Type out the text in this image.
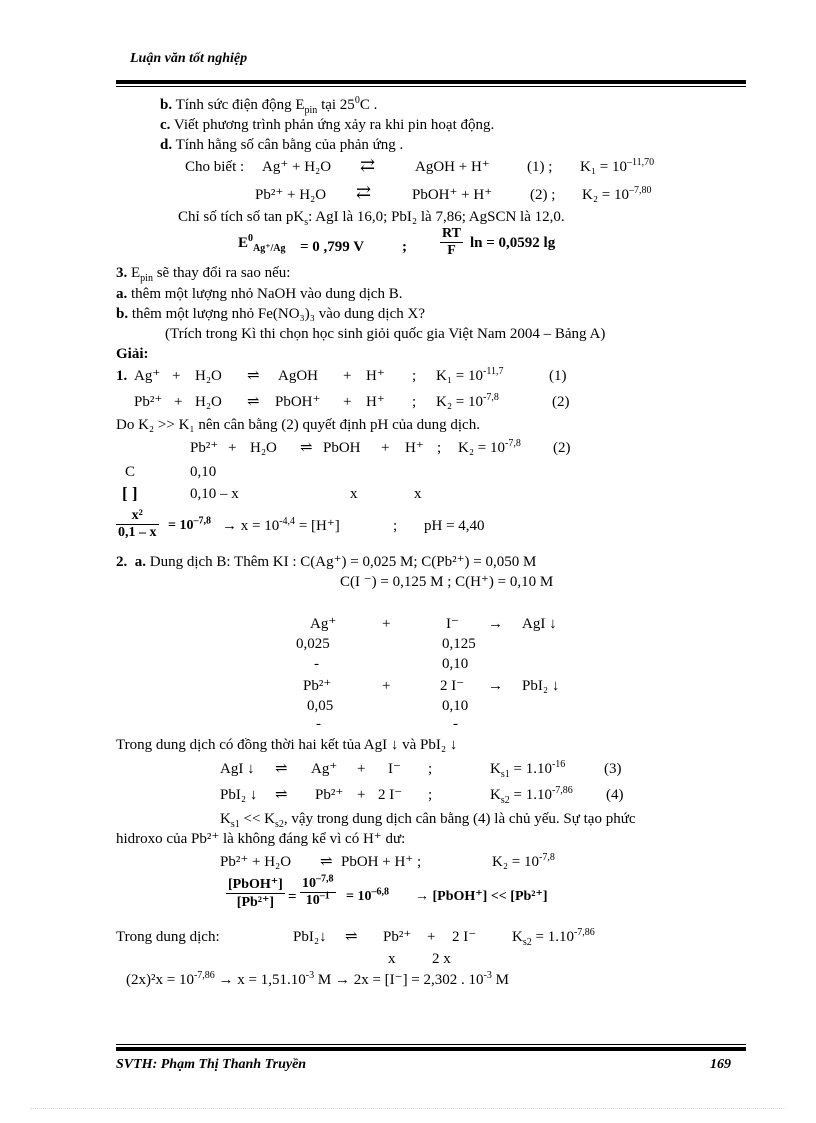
Luận văn tốt nghiệp
b. Tính sức điện động $E_{pin}$ tại $25^0C$ .
c. Viết phương trình phản ứng xảy ra khi pin hoạt động.
d. Tính hằng số cân bằng của phản ứng .
Cho biết : Ag⁺ + H₂O ⇄	AgOH + H⁺ (1) ; $K_1 = 10^{-11,70}$
Pb²⁺ + H₂O ⇄	PbOH⁺ + H⁺	(2) ; $K_2 = 10^{-7,80}$
Chỉ số tích số $\tan pK_s$: AgI là 16,0; PbI₂ là 7,86; AgSCN là 12,0.
$E^0_{Ag^+/Ag} = 0$ ,799 V	; $\frac{RT}{F}$ ln = 0,0592 lg
3. $E_{pin}$ sẽ thay đổi ra sao nếu:
a. thêm một lượng nhỏ NaOH vào dung dịch B.
b. thêm một lượng nhỏ Fe(NO₃)₃ vào dung dịch X?
(Trích trong Kì thi chọn học sinh giỏi quốc gia Việt Nam 2004 – Bảng A)
Giải:
1. Ag⁺ + H₂O ⇌ AgOH + H⁺ ; $K_1 = 10^{-11,7}$	(1)
Pb²⁺ + H₂O ⇌ PbOH⁺ + H⁺ ; $K_2 = 10^{-7,8}$	(2)
Do K₂ >> K₁ nên cân bằng (2) quyết định pH của dung dịch.
Pb²⁺ + H₂O ⇌ PbOH + H⁺ ; $K_2 = 10^{-7,8}$ (2)
C	0,10
[ ]	0,10 – x	x	x
$\frac{\text{x²}}{0,1 - x} = 10^{-7,8} \to x = 10^{-4,4} = [H^+]$	; pH = 4,40
2. a. Dung dịch B: Thêm KI : C(Ag⁺) = 0,025 M; C(Pb²⁺) = 0,050 M
C(I ⁻) = 0,125 M ; C(H⁺) = 0,10 M
Ag⁺	+	I⁻ → AgI ↓
0,025	0,125
-	0,10
Pb²⁺	+	2 I⁻ → PbI₂ ↓
0,05	0,10
-	-
Trong dung dịch có đồng thời hai kết tủa AgI ↓ và PbI₂ ↓
AgI ↓ ⇌ Ag⁺ + I⁻ ;	$K_{s1} = 1.10^{-16}$	(3)
PbI₂ ↓ ⇌ Pb²⁺ + 2 I⁻ ;	$K_{s2} = 1.10^{-7,86}$ (4)
$K_{s1} << K_{s2}$, vậy trong dung dịch cân bằng (4) là chủ yếu. Sự tạo phức
hidroxo của Pb²⁺ là không đáng kể vì có H⁺ dư:
Pb²⁺ + H₂O ⇌ PbOH + H⁺ ;	$K_2 = 10^{-7,8}$
[PbOH⁺]
$[Pb^{2+}] = \frac{10^{-7,8}}{10^{-1}} = 10^{-6,8}$ → [PbOH⁺] << [Pb²⁺]
Trong dung dịch:	PbI₂↓ ⇌ Pb²⁺ + 2 I⁻ $K_{s2} = 1.10^{-7,86}$
x 2 x
$(2x)^2x = 10^{-7,86} \to x = 1,51.10^{-3}$ M → 2x = [I⁻] = 2,302 . $10^{-3}$ M
SVTH: Phạm Thị Thanh Truyền	169
